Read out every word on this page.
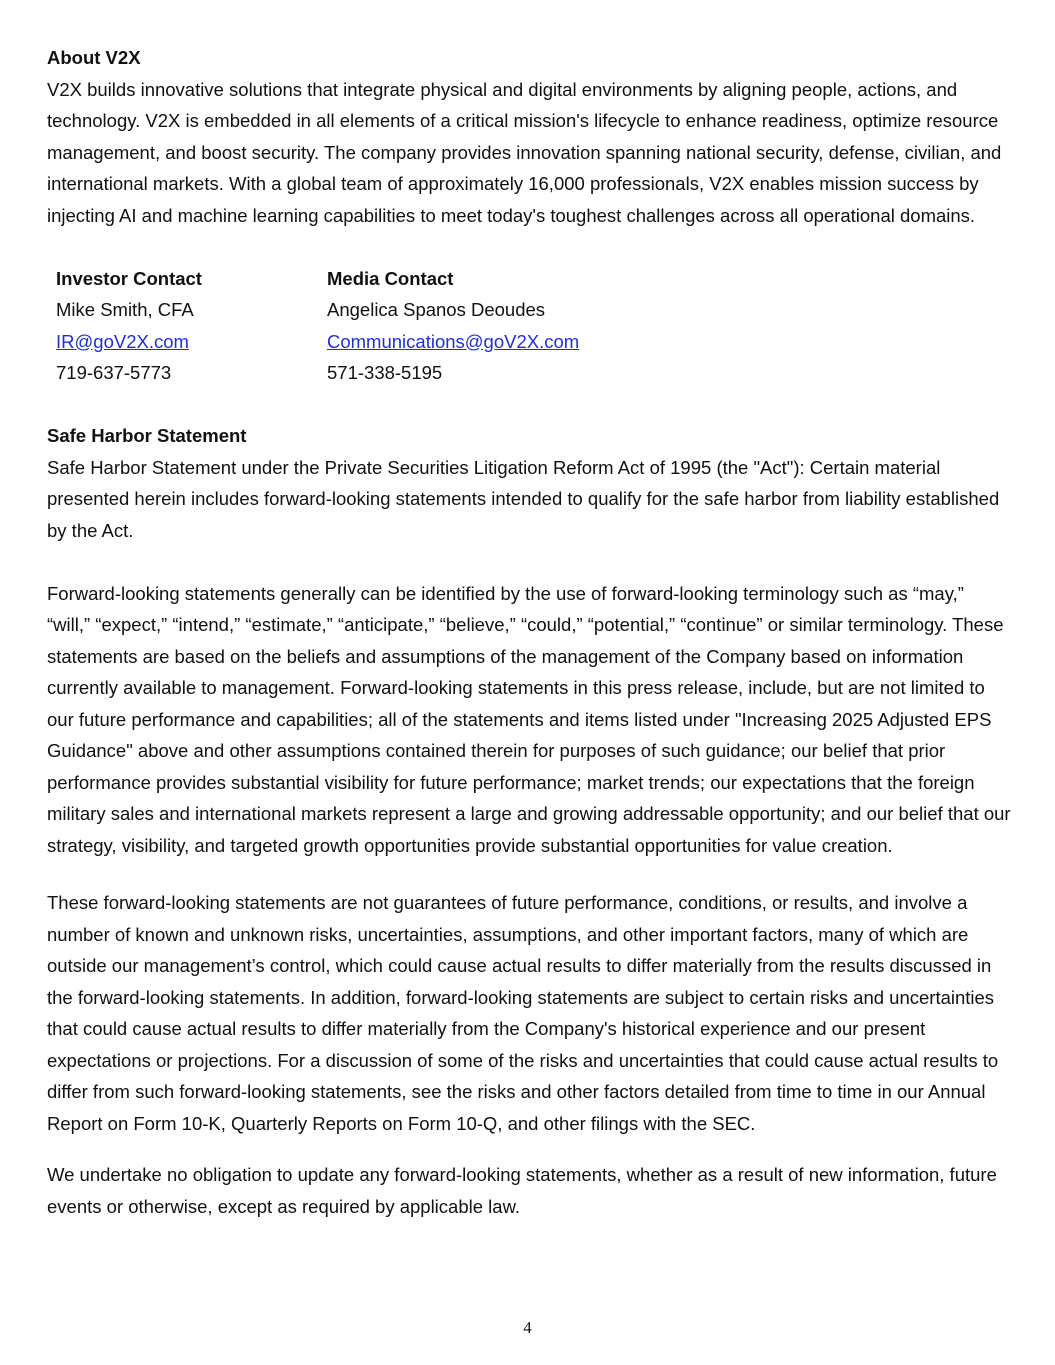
About V2X

V2X builds innovative solutions that integrate physical and digital environments by aligning people, actions, and technology. V2X is embedded in all elements of a critical mission's lifecycle to enhance readiness, optimize resource management, and boost security. The company provides innovation spanning national security, defense, civilian, and international markets. With a global team of approximately 16,000 professionals, V2X enables mission success by injecting AI and machine learning capabilities to meet today's toughest challenges across all operational domains.

Investor Contact
Mike Smith, CFA
IR@goV2X.com
719-637-5773
Media Contact
Angelica Spanos Deoudes
Communications@goV2X.com
571-338-5195

Safe Harbor Statement

Safe Harbor Statement under the Private Securities Litigation Reform Act of 1995 (the "Act"): Certain material presented herein includes forward-looking statements intended to qualify for the safe harbor from liability established by the Act.

Forward-looking statements generally can be identified by the use of forward-looking terminology such as “may,” “will,” “expect,” “intend,” “estimate,” “anticipate,” “believe,” “could,” “potential,” “continue” or similar terminology. These statements are based on the beliefs and assumptions of the management of the Company based on information currently available to management. Forward-looking statements in this press release, include, but are not limited to our future performance and capabilities; all of the statements and items listed under "Increasing 2025 Adjusted EPS Guidance" above and other assumptions contained therein for purposes of such guidance; our belief that prior performance provides substantial visibility for future performance; market trends; our expectations that the foreign military sales and international markets represent a large and growing addressable opportunity; and our belief that our strategy, visibility, and targeted growth opportunities provide substantial opportunities for value creation.

These forward-looking statements are not guarantees of future performance, conditions, or results, and involve a number of known and unknown risks, uncertainties, assumptions, and other important factors, many of which are outside our management’s control, which could cause actual results to differ materially from the results discussed in the forward-looking statements. In addition, forward-looking statements are subject to certain risks and uncertainties that could cause actual results to differ materially from the Company's historical experience and our present expectations or projections. For a discussion of some of the risks and uncertainties that could cause actual results to differ from such forward-looking statements, see the risks and other factors detailed from time to time in our Annual Report on Form 10-K, Quarterly Reports on Form 10-Q, and other filings with the SEC.

We undertake no obligation to update any forward-looking statements, whether as a result of new information, future events or otherwise, except as required by applicable law.

4
